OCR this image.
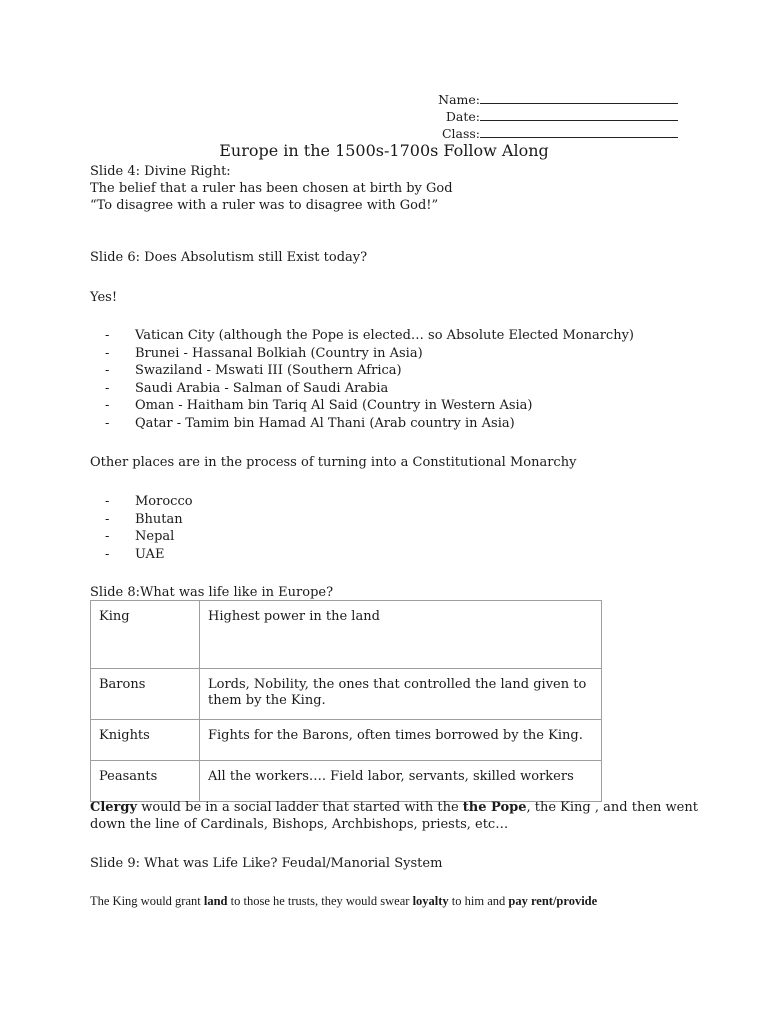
Name:
Date:
Class:
Europe in the 1500s-1700s Follow Along
Slide 4: Divine Right:
The belief that a ruler has been chosen at birth by God
“To disagree with a ruler was to disagree with God!”
Slide 6: Does Absolutism still Exist today?
Yes!
- Vatican City (although the Pope is elected… so Absolute Elected Monarchy)
- Brunei - Hassanal Bolkiah (Country in Asia)
- Swaziland - Mswati III (Southern Africa)
- Saudi Arabia - Salman of Saudi Arabia
- Oman - Haitham bin Tariq Al Said (Country in Western Asia)
- Qatar - Tamim bin Hamad Al Thani (Arab country in Asia)
Other places are in the process of turning into a Constitutional Monarchy
- Morocco
- Bhutan
- Nepal
- UAE
Slide 8:What was life like in Europe?
King	Highest power in the land
Barons	Lords, Nobility, the ones that controlled the land given to them by the King.
Knights	Fights for the Barons, often times borrowed by the King.
Peasants	All the workers…. Field labor, servants, skilled workers
Clergy would be in a social ladder that started with the the Pope, the King , and then went
down the line of Cardinals, Bishops, Archbishops, priests, etc…
Slide 9: What was Life Like? Feudal/Manorial System
The King would grant land to those he trusts, they would swear loyalty to him and pay rent/provide
